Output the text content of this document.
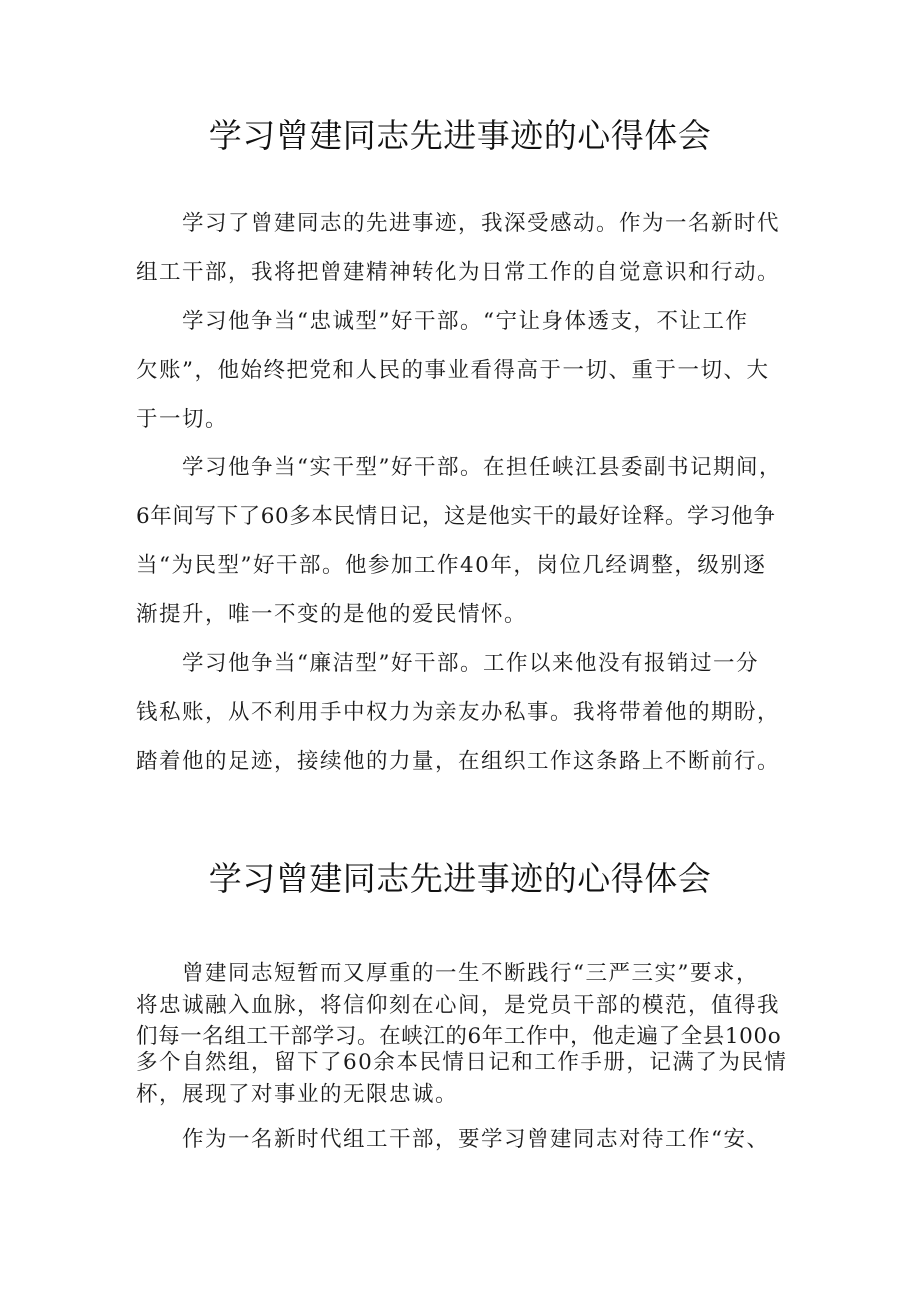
学习曾建同志先进事迹的心得体会
学习了曾建同志的先进事迹，我深受感动。作为一名新时代
组工干部，我将把曾建精神转化为日常工作的自觉意识和行动。
学习他争当“忠诚型”好干部。“宁让身体透支，不让工作
欠账”，他始终把党和人民的事业看得高于一切、重于一切、大
于一切。
学习他争当“实干型”好干部。在担任峡江县委副书记期间，
6年间写下了60多本民情日记，这是他实干的最好诠释。学习他争
当“为民型”好干部。他参加工作40年，岗位几经调整，级别逐
渐提升，唯一不变的是他的爱民情怀。
学习他争当“廉洁型”好干部。工作以来他没有报销过一分
钱私账，从不利用手中权力为亲友办私事。我将带着他的期盼，
踏着他的足迹，接续他的力量，在组织工作这条路上不断前行。
学习曾建同志先进事迹的心得体会
曾建同志短暂而又厚重的一生不断践行“三严三实”要求，
将忠诚融入血脉，将信仰刻在心间，是党员干部的模范，值得我
们每一名组工干部学习。在峡江的6年工作中，他走遍了全县100o
多个自然组，留下了60余本民情日记和工作手册，记满了为民情
杯，展现了对事业的无限忠诚。
作为一名新时代组工干部，要学习曾建同志对待工作“安、
